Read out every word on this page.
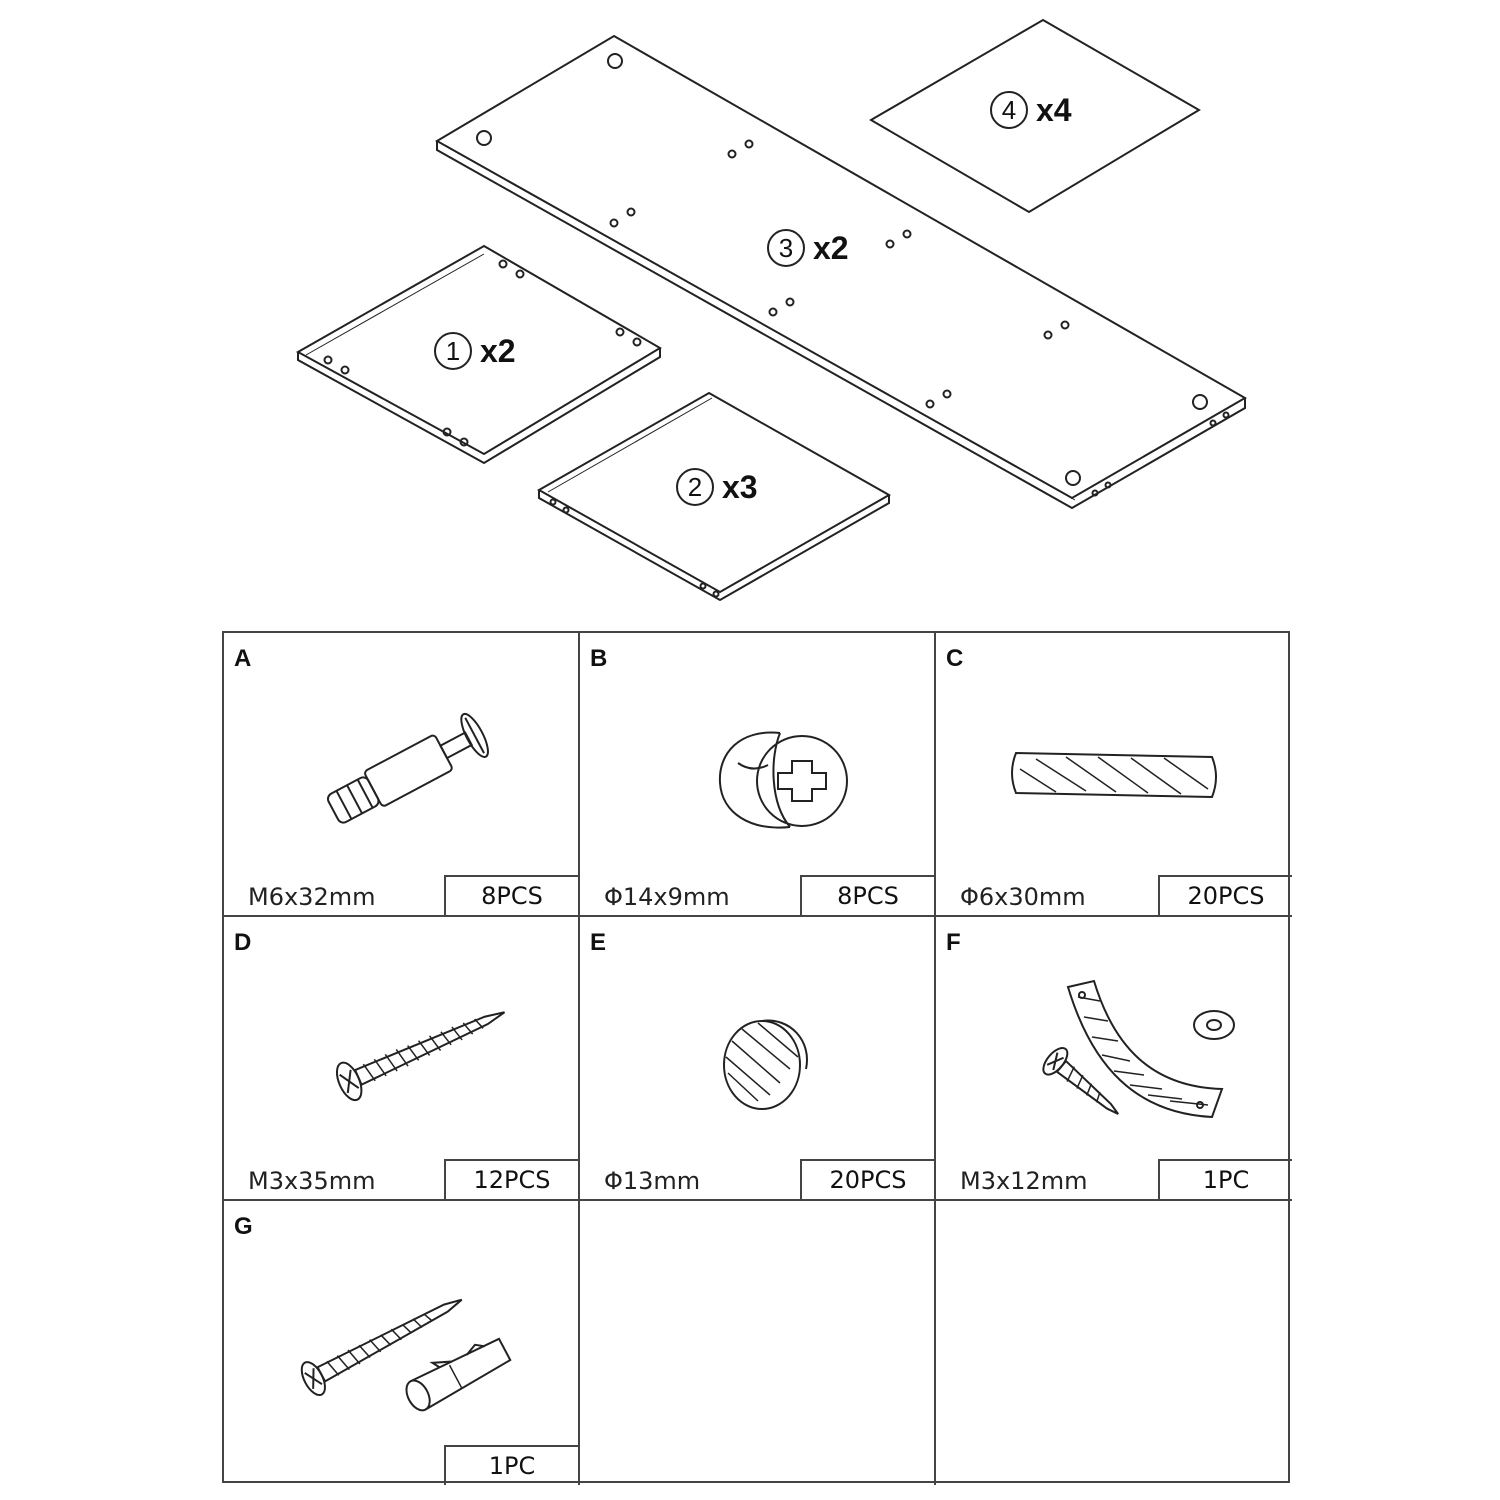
1 x2
2 x3
3 x2
4 x4
A
M6x32mm	8PCS
B
Φ14x9mm	8PCS
C
Φ6x30mm	20PCS
D
M3x35mm	12PCS
E
Φ13mm	20PCS
F
M3x12mm	1PC
G
1PC
